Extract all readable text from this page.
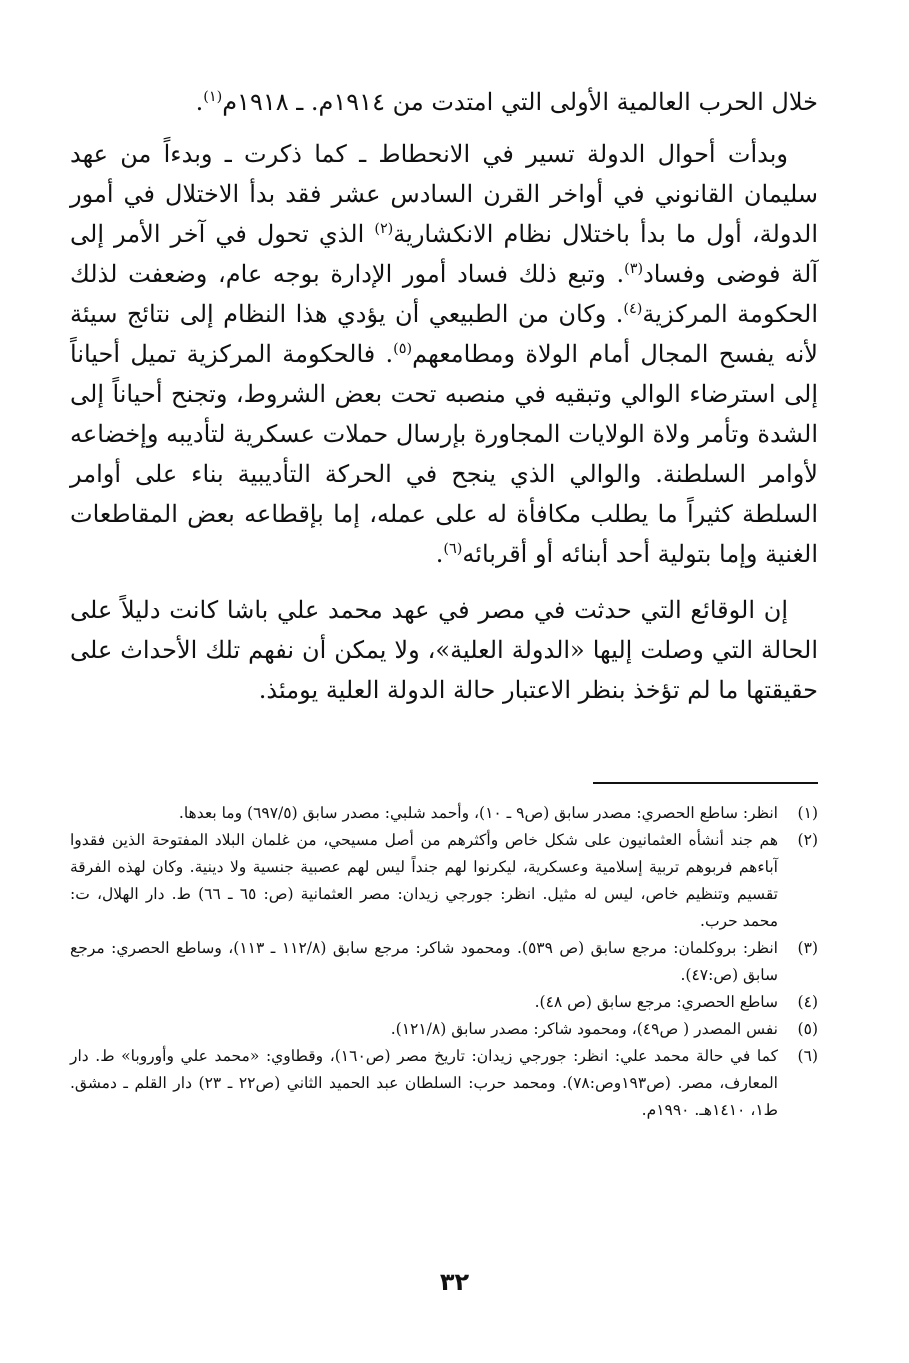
خلال الحرب العالمية الأولى التي امتدت من ١٩١٤م. ـ ١٩١٨م$^{(١)}$.

وبدأت أحوال الدولة تسير في الانحطاط ـ كما ذكرت ـ وبدءاً من عهد سليمان القانوني في أواخر القرن السادس عشر فقد بدأ الاختلال في أمور الدولة، أول ما بدأ باختلال نظام الانكشارية$^{(٢)}$ الذي تحول في آخر الأمر إلى آلة فوضى وفساد$^{(٣)}$. وتبع ذلك فساد أمور الإدارة بوجه عام، وضعفت لذلك الحكومة المركزية$^{(٤)}$. وكان من الطبيعي أن يؤدي هذا النظام إلى نتائج سيئة لأنه يفسح المجال أمام الولاة ومطامعهم$^{(٥)}$. فالحكومة المركزية تميل أحياناً إلى استرضاء الوالي وتبقيه في منصبه تحت بعض الشروط، وتجنح أحياناً إلى الشدة وتأمر ولاة الولايات المجاورة بإرسال حملات عسكرية لتأديبه وإخضاعه لأوامر السلطنة. والوالي الذي ينجح في الحركة التأديبية بناء على أوامر السلطة كثيراً ما يطلب مكافأة له على عمله، إما بإقطاعه بعض المقاطعات الغنية وإما بتولية أحد أبنائه أو أقربائه$^{(٦)}$.

إن الوقائع التي حدثت في مصر في عهد محمد علي باشا كانت دليلاً على الحالة التي وصلت إليها «الدولة العلية»، ولا يمكن أن نفهم تلك الأحداث على حقيقتها ما لم تؤخذ بنظر الاعتبار حالة الدولة العلية يومئذ.

(١)
انظر: ساطع الحصري: مصدر سابق (ص٩ ـ ١٠)، وأحمد شلبي: مصدر سابق (٦٩٧/٥) وما بعدها.
(٢)
هم جند أنشأه العثمانيون على شكل خاص وأكثرهم من أصل مسيحي، من غلمان البلاد المفتوحة الذين فقدوا آباءهم فربوهم تربية إسلامية وعسكرية، ليكرنوا لهم جنداً ليس لهم عصبية جنسية ولا دينية. وكان لهذه الفرقة تقسيم وتنظيم خاص، ليس له مثيل. انظر: جورجي زيدان: مصر العثمانية (ص: ٦٥ ـ ٦٦) ط. دار الهلال، ت: محمد حرب.
(٣)
انظر: بروكلمان: مرجع سابق (ص ٥٣٩). ومحمود شاكر: مرجع سابق (١١٢/٨ ـ ١١٣)، وساطع الحصري: مرجع سابق (ص:٤٧).
(٤)
ساطع الحصري: مرجع سابق (ص ٤٨).
(٥)
نفس المصدر ( ص٤٩)، ومحمود شاكر: مصدر سابق (١٢١/٨).
(٦)
كما في حالة محمد علي: انظر: جورجي زيدان: تاريخ مصر (ص١٦٠)، وقطاوي: «محمد علي وأوروبا» ط. دار المعارف، مصر. (ص١٩٣وص:٧٨). ومحمد حرب: السلطان عبد الحميد الثاني (ص٢٢ ـ ٢٣) دار القلم ـ دمشق. ط١، ١٤١٠هـ. ١٩٩٠م.
٣٢
